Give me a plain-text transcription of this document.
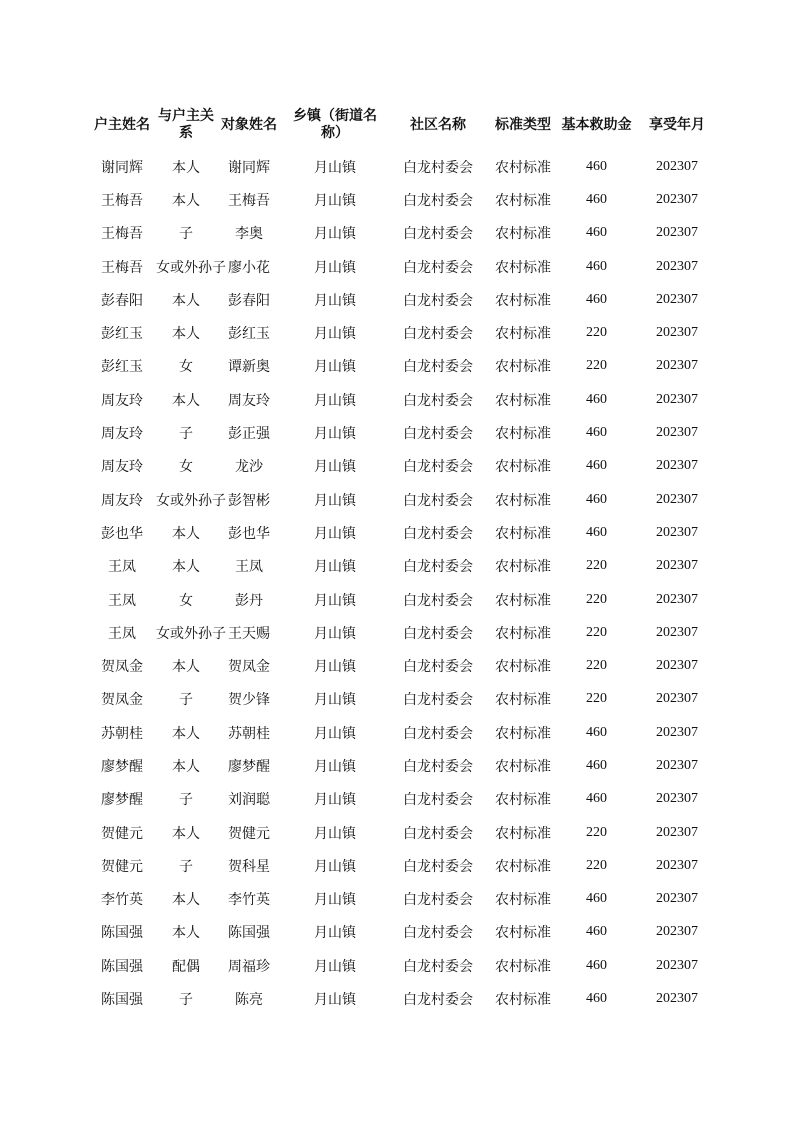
户主姓名	与户主关系	对象姓名	乡镇（街道名称）	社区名称	标准类型	基本救助金	享受年月
谢同辉	本人	谢同辉	月山镇	白龙村委会	农村标准	460	202307
王梅吾	本人	王梅吾	月山镇	白龙村委会	农村标准	460	202307
王梅吾	子	李奥	月山镇	白龙村委会	农村标准	460	202307
王梅吾	女或外孙子	廖小花	月山镇	白龙村委会	农村标准	460	202307
彭春阳	本人	彭春阳	月山镇	白龙村委会	农村标准	460	202307
彭红玉	本人	彭红玉	月山镇	白龙村委会	农村标准	220	202307
彭红玉	女	谭新奥	月山镇	白龙村委会	农村标准	220	202307
周友玲	本人	周友玲	月山镇	白龙村委会	农村标准	460	202307
周友玲	子	彭正强	月山镇	白龙村委会	农村标准	460	202307
周友玲	女	龙沙	月山镇	白龙村委会	农村标准	460	202307
周友玲	女或外孙子	彭智彬	月山镇	白龙村委会	农村标准	460	202307
彭也华	本人	彭也华	月山镇	白龙村委会	农村标准	460	202307
王凤	本人	王凤	月山镇	白龙村委会	农村标准	220	202307
王凤	女	彭丹	月山镇	白龙村委会	农村标准	220	202307
王凤	女或外孙子	王天赐	月山镇	白龙村委会	农村标准	220	202307
贺凤金	本人	贺凤金	月山镇	白龙村委会	农村标准	220	202307
贺凤金	子	贺少锋	月山镇	白龙村委会	农村标准	220	202307
苏朝桂	本人	苏朝桂	月山镇	白龙村委会	农村标准	460	202307
廖梦醒	本人	廖梦醒	月山镇	白龙村委会	农村标准	460	202307
廖梦醒	子	刘润聪	月山镇	白龙村委会	农村标准	460	202307
贺健元	本人	贺健元	月山镇	白龙村委会	农村标准	220	202307
贺健元	子	贺科星	月山镇	白龙村委会	农村标准	220	202307
李竹英	本人	李竹英	月山镇	白龙村委会	农村标准	460	202307
陈国强	本人	陈国强	月山镇	白龙村委会	农村标准	460	202307
陈国强	配偶	周福珍	月山镇	白龙村委会	农村标准	460	202307
陈国强	子	陈亮	月山镇	白龙村委会	农村标准	460	202307
